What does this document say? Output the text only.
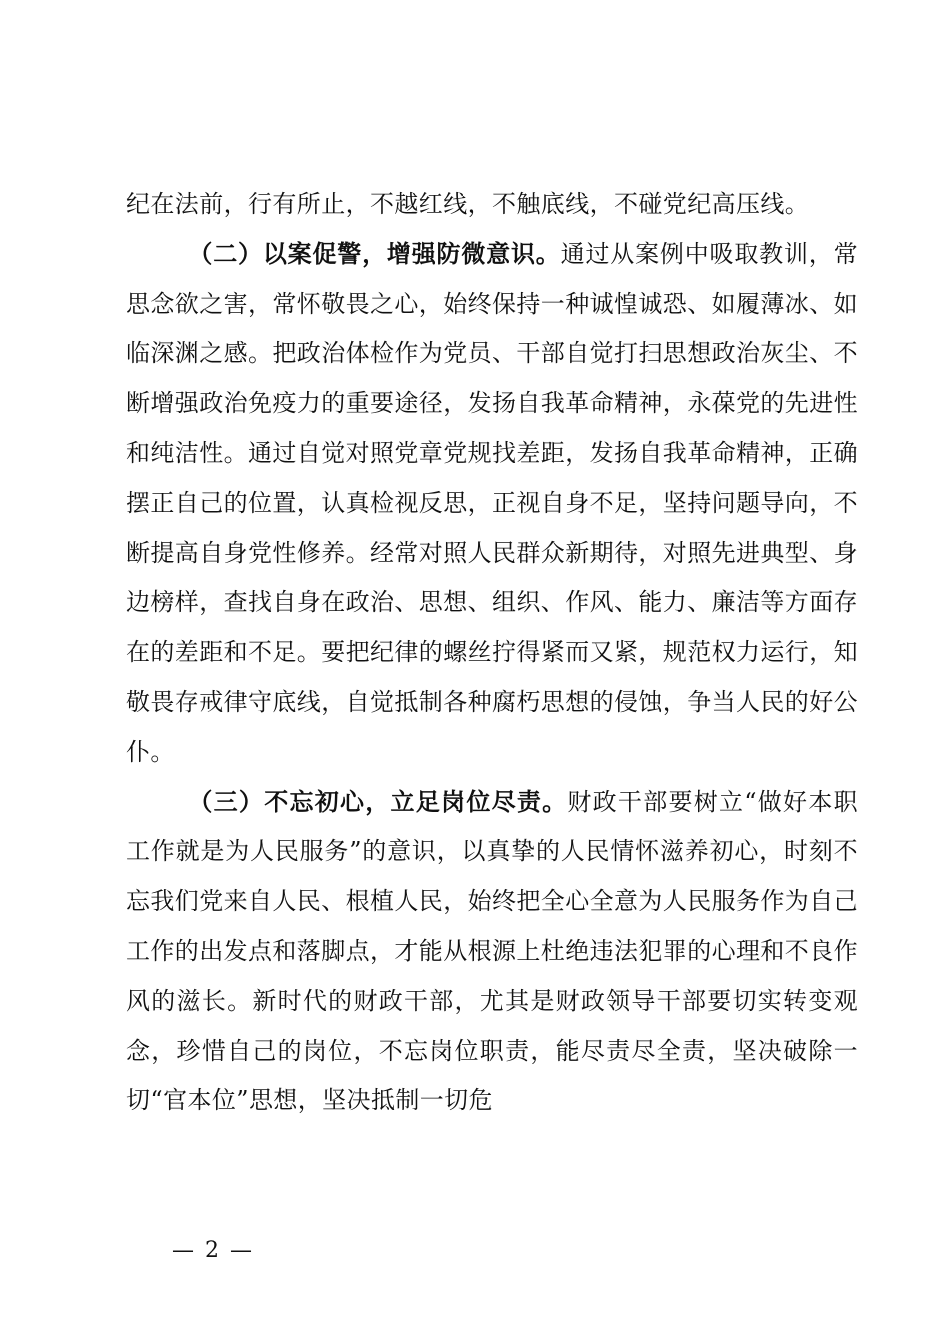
纪在法前，行有所止，不越红线，不触底线，不碰党纪高压线。

（二）以案促警，增强防微意识。通过从案例中吸取教训，常思念欲之害，常怀敬畏之心，始终保持一种诚惶诚恐、如履薄冰、如临深渊之感。把政治体检作为党员、干部自觉打扫思想政治灰尘、不断增强政治免疫力的重要途径，发扬自我革命精神，永葆党的先进性和纯洁性。通过自觉对照党章党规找差距，发扬自我革命精神，正确摆正自己的位置，认真检视反思，正视自身不足，坚持问题导向，不断提高自身党性修养。经常对照人民群众新期待，对照先进典型、身边榜样，查找自身在政治、思想、组织、作风、能力、廉洁等方面存在的差距和不足。要把纪律的螺丝拧得紧而又紧，规范权力运行，知敬畏存戒律守底线，自觉抵制各种腐朽思想的侵蚀，争当人民的好公仆。

（三）不忘初心，立足岗位尽责。财政干部要树立“做好本职工作就是为人民服务”的意识，以真挚的人民情怀滋养初心，时刻不忘我们党来自人民、根植人民，始终把全心全意为人民服务作为自己工作的出发点和落脚点，才能从根源上杜绝违法犯罪的心理和不良作风的滋长。新时代的财政干部，尤其是财政领导干部要切实转变观念，珍惜自己的岗位，不忘岗位职责，能尽责尽全责，坚决破除一切“官本位”思想，坚决抵制一切危

— 2 —
